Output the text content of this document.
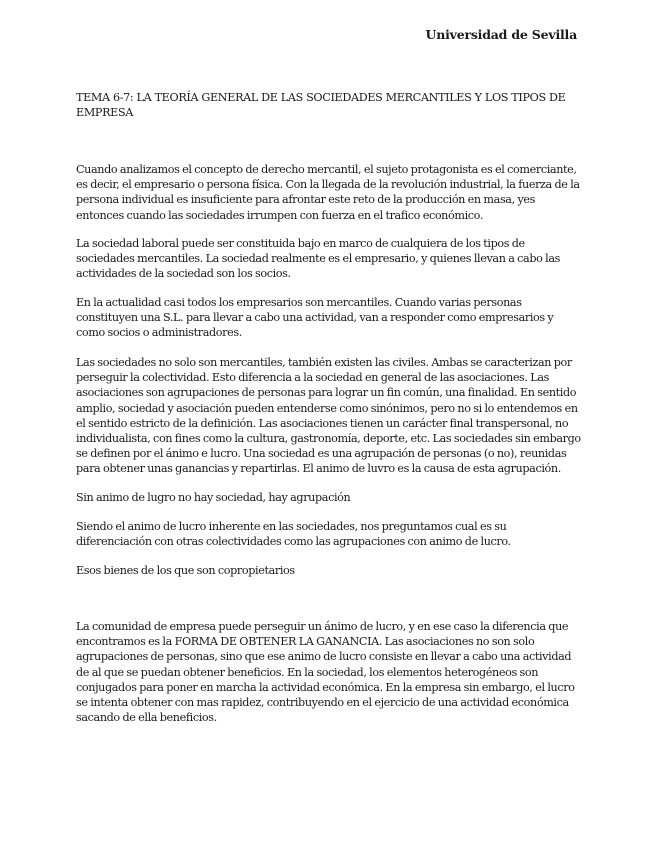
Universidad de Sevilla
TEMA 6-7: LA TEORÍA GENERAL DE LAS SOCIEDADES MERCANTILES Y LOS TIPOS DE EMPRESA

Cuando analizamos el concepto de derecho mercantil, el sujeto protagonista es el comerciante, es decir, el empresario o persona física. Con la llegada de la revolución industrial, la fuerza de la persona individual es insuficiente para afrontar este reto de la producción en masa, yes entonces cuando las sociedades irrumpen con fuerza en el trafico económico.

La sociedad laboral puede ser constituida bajo en marco de cualquiera de los tipos de sociedades mercantiles. La sociedad realmente es el empresario, y quienes llevan a cabo las actividades de la sociedad son los socios.

En la actualidad casi todos los empresarios son mercantiles. Cuando varias personas constituyen una S.L. para llevar a cabo una actividad, van a responder como empresarios y como socios o administradores.

Las sociedades no solo son mercantiles, también existen las civiles. Ambas se caracterizan por perseguir la colectividad. Esto diferencia a la sociedad en general de las asociaciones. Las asociaciones son agrupaciones de personas para lograr un fin común, una finalidad. En sentido amplio, sociedad y asociación pueden entenderse como sinónimos, pero no si lo entendemos en el sentido estricto de la definición. Las asociaciones tienen un carácter final transpersonal, no individualista, con fines como la cultura, gastronomía, deporte, etc. Las sociedades sin embargo se definen por el ánimo e lucro. Una sociedad es una agrupación de personas (o no), reunidas para obtener unas ganancias y repartirlas. El animo de luvro es la causa de esta agrupación.

Sin animo de lugro no hay sociedad, hay agrupación

Siendo el animo de lucro inherente en las sociedades, nos preguntamos cual es su diferenciación con otras colectividades como las agrupaciones con animo de lucro.

Esos bienes de los que son copropietarios

La comunidad de empresa puede perseguir un ánimo de lucro, y en ese caso la diferencia que encontramos es la FORMA DE OBTENER LA GANANCIA. Las asociaciones no son solo agrupaciones de personas, sino que ese animo de lucro consiste en llevar a cabo una actividad de al que se puedan obtener beneficios. En la sociedad, los elementos heterogéneos son conjugados para poner en marcha la actividad económica. En la empresa sin embargo, el lucro se intenta obtener con mas rapidez, contribuyendo en el ejercicio de una actividad económica sacando de ella beneficios.
